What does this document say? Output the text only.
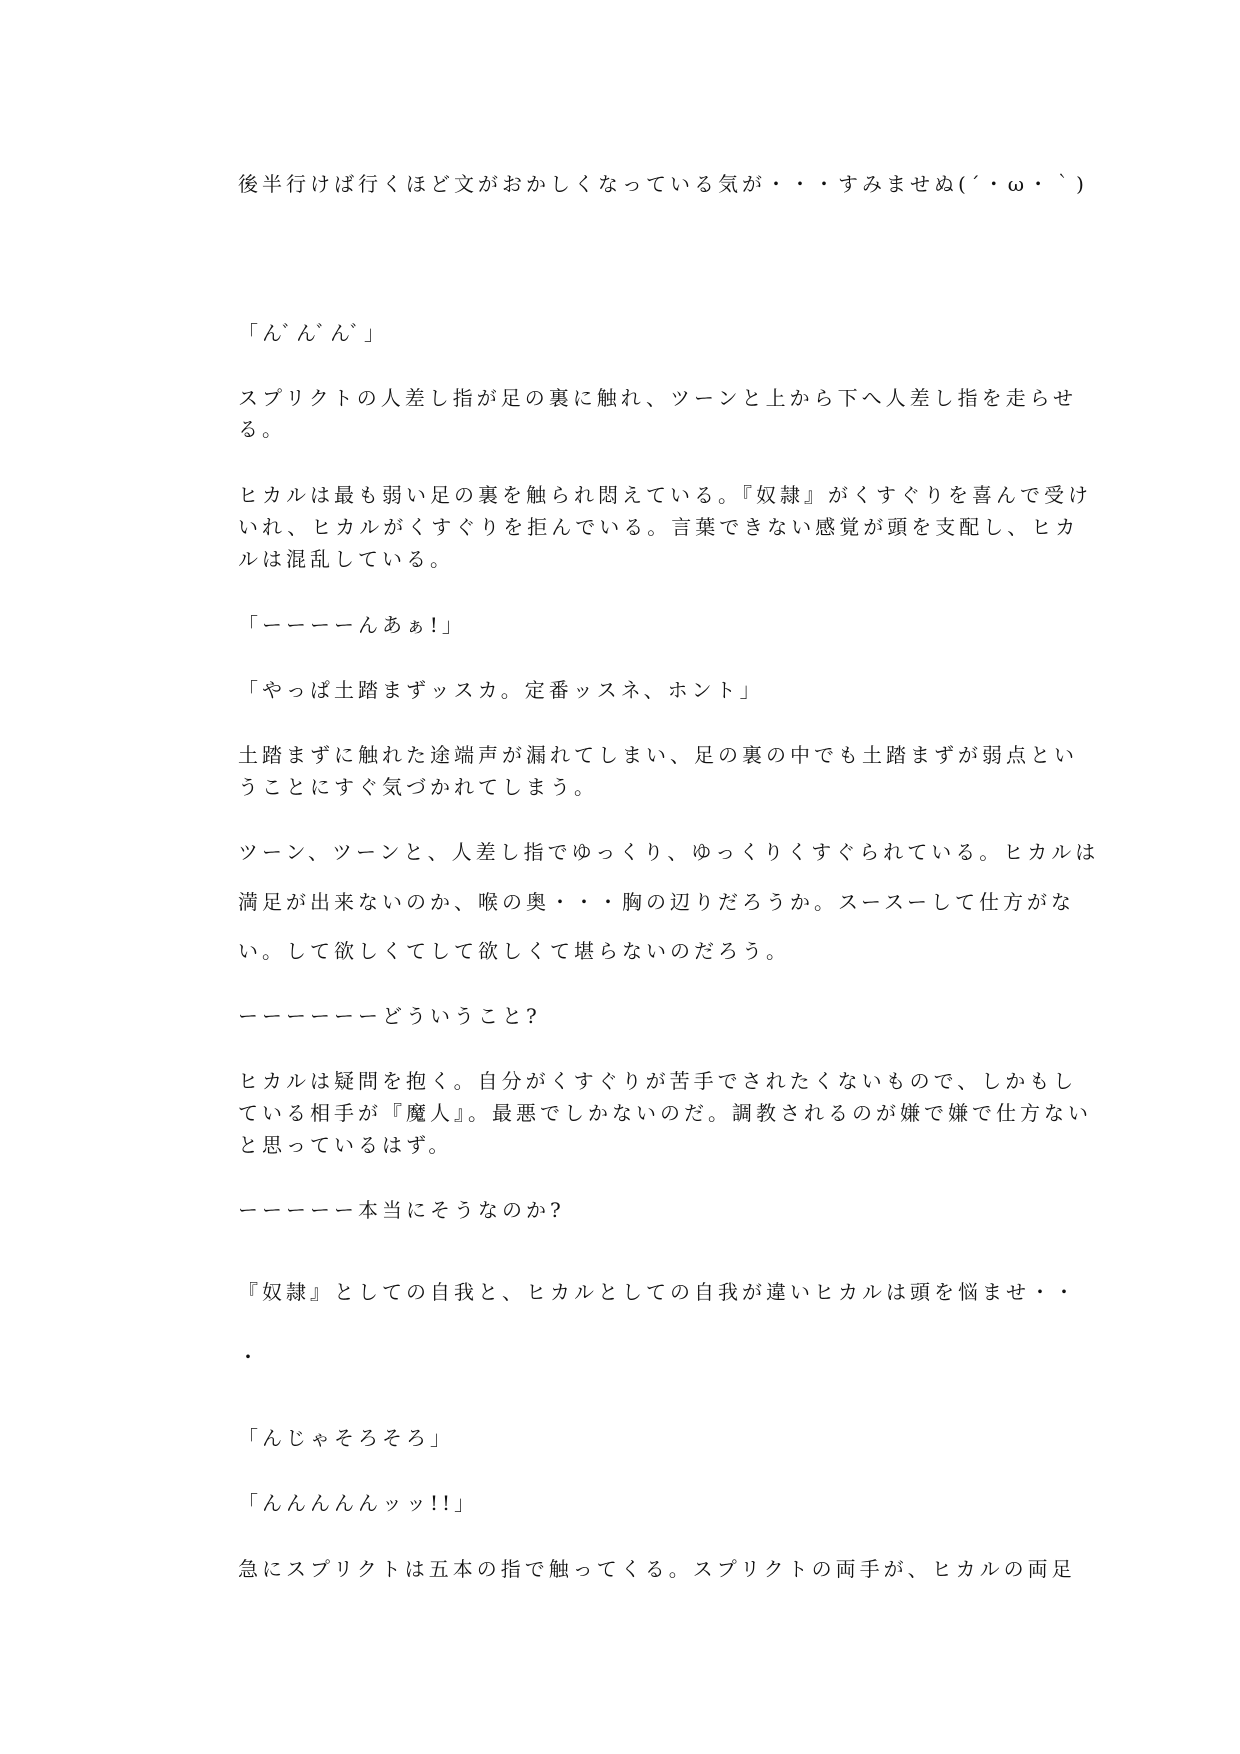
後半行けば行くほど文がおかしくなっている気が・・・すみませぬ(´・ω・｀)

「んﾞんﾞんﾞ」

スプリクトの人差し指が足の裏に触れ、ツーンと上から下へ人差し指を走らせ

る。

ヒカルは最も弱い足の裏を触られ悶えている。『奴隷』がくすぐりを喜んで受け

いれ、ヒカルがくすぐりを拒んでいる。言葉できない感覚が頭を支配し、ヒカ

ルは混乱している。

「ーーーーんあぁ!」

「やっぱ土踏まずッスカ。定番ッスネ、ホント」

土踏まずに触れた途端声が漏れてしまい、足の裏の中でも土踏まずが弱点とい

うことにすぐ気づかれてしまう。

ツーン、ツーンと、人差し指でゆっくり、ゆっくりくすぐられている。ヒカルは

満足が出来ないのか、喉の奥・・・胸の辺りだろうか。スースーして仕方がな

い。して欲しくてして欲しくて堪らないのだろう。

ーーーーーーどういうこと?

ヒカルは疑問を抱く。自分がくすぐりが苦手でされたくないもので、しかもし

ている相手が『魔人』。最悪でしかないのだ。調教されるのが嫌で嫌で仕方ない

と思っているはず。

ーーーーー本当にそうなのか?

『奴隷』としての自我と、ヒカルとしての自我が違いヒカルは頭を悩ませ・・

・

「んじゃそろそろ」

「んんんんんッッ!!」

急にスプリクトは五本の指で触ってくる。スプリクトの両手が、ヒカルの両足
